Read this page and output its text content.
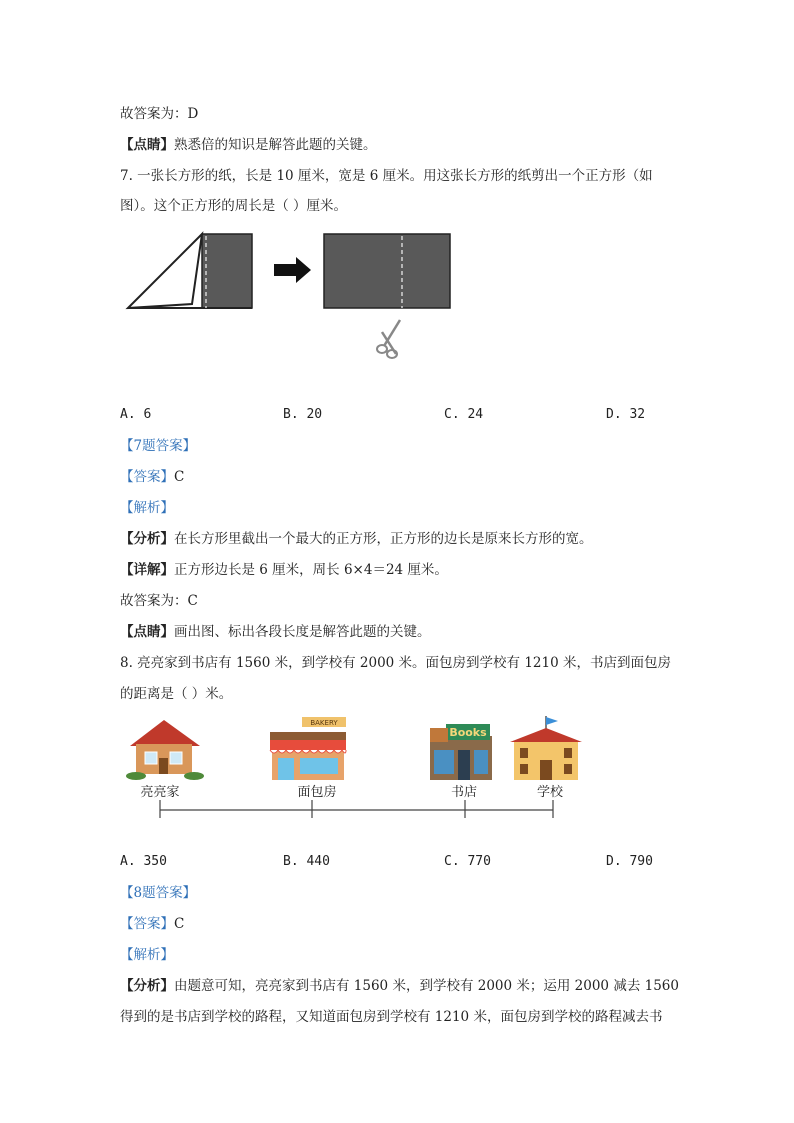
故答案为：D
【点睛】熟悉倍的知识是解答此题的关键。
7. 一张长方形的纸，长是 10 厘米，宽是 6 厘米。用这张长方形的纸剪出一个正方形（如
图）。这个正方形的周长是（ ）厘米。
A. 6	B. 20	C. 24	D. 32
【7题答案】
【答案】C
【解析】
【分析】在长方形里截出一个最大的正方形，正方形的边长是原来长方形的宽。
【详解】正方形边长是 6 厘米，周长 6×4＝24 厘米。
故答案为：C
【点睛】画出图、标出各段长度是解答此题的关键。
8. 亮亮家到书店有 1560 米，到学校有 2000 米。面包房到学校有 1210 米，书店到面包房
的距离是（ ）米。
BAKERY
Books
亮亮家	面包房	书店	学校
A. 350	B. 440	C. 770	D. 790
【8题答案】
【答案】C
【解析】
【分析】由题意可知，亮亮家到书店有 1560 米，到学校有 2000 米；运用 2000 减去 1560
得到的是书店到学校的路程，又知道面包房到学校有 1210 米，面包房到学校的路程减去书
